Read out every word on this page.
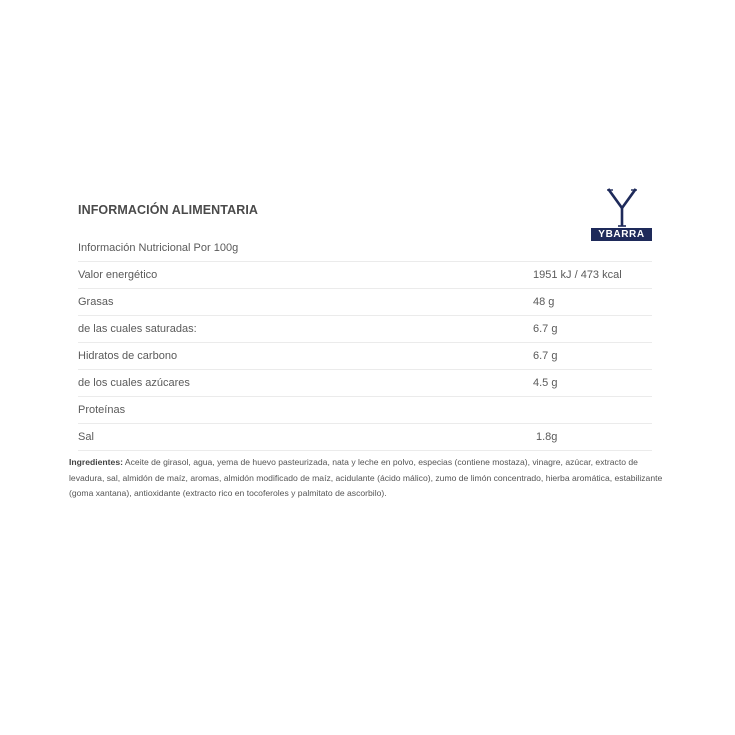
INFORMACIÓN ALIMENTARIA
YBARRA
Información Nutricional Por 100g
Valor energético	1951 kJ / 473 kcal
Grasas	48 g
de las cuales saturadas:	6.7 g
Hidratos de carbono	6.7 g
de los cuales azúcares	4.5 g
Proteínas
Sal	1.8g
Ingredientes: Aceite de girasol, agua, yema de huevo pasteurizada, nata y leche en polvo, especias (contiene mostaza), vinagre, azúcar, extracto de levadura, sal, almidón de maíz, aromas, almidón modificado de maíz, acidulante (ácido málico), zumo de limón concentrado, hierba aromática, estabilizante (goma xantana), antioxidante (extracto rico en tocoferoles y palmitato de ascorbilo).
